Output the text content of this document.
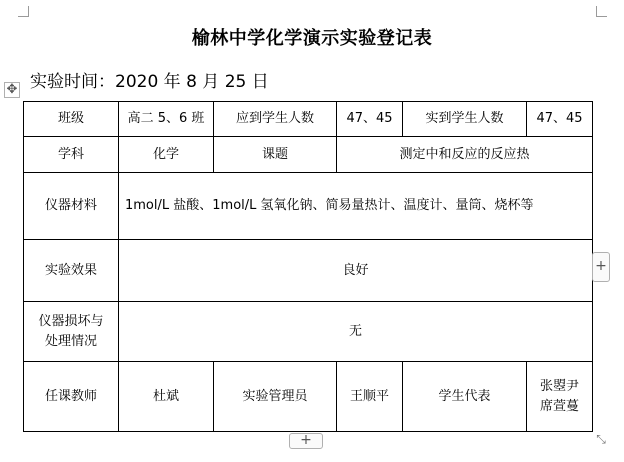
榆林中学化学演示实验登记表
实验时间：2020 年 8 月 25 日
✥
班级	高二 5、6 班	应到学生人数	47、45	实到学生人数	47、45
学科	化学	课题	测定中和反应的反应热		
仪器材料	1mol/L 盐酸、1mol/L 氢氧化钠、简易量热计、温度计、量筒、烧杯等				
实验效果	良好				

仪器损坏与
处理情况	无				
任课教师	杜斌	实验管理员	王顺平	学生代表	张曌尹
席萱蔓
+
+	⤡
